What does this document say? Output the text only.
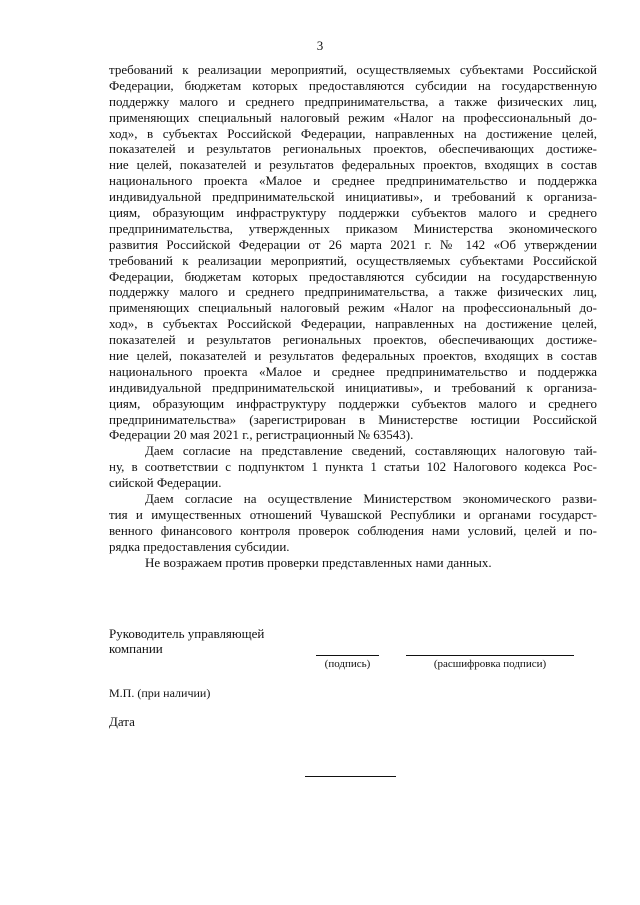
3
требований к реализации мероприятий, осуществляемых субъектами Российской
Федерации, бюджетам которых предоставляются субсидии на государственную
поддержку малого и среднего предпринимательства, а также физических лиц,
применяющих специальный налоговый режим «Налог на профессиональный до-
ход», в субъектах Российской Федерации, направленных на достижение целей,
показателей и результатов региональных проектов, обеспечивающих достиже-
ние целей, показателей и результатов федеральных проектов, входящих в состав
национального проекта «Малое и среднее предпринимательство и поддержка
индивидуальной предпринимательской инициативы», и требований к организа-
циям, образующим инфраструктуру поддержки субъектов малого и среднего
предпринимательства, утвержденных приказом Министерства экономического
развития Российской Федерации от 26 марта 2021 г. № 142 «Об утверждении
требований к реализации мероприятий, осуществляемых субъектами Российской
Федерации, бюджетам которых предоставляются субсидии на государственную
поддержку малого и среднего предпринимательства, а также физических лиц,
применяющих специальный налоговый режим «Налог на профессиональный до-
ход», в субъектах Российской Федерации, направленных на достижение целей,
показателей и результатов региональных проектов, обеспечивающих достиже-
ние целей, показателей и результатов федеральных проектов, входящих в состав
национального проекта «Малое и среднее предпринимательство и поддержка
индивидуальной предпринимательской инициативы», и требований к организа-
циям, образующим инфраструктуру поддержки субъектов малого и среднего
предпринимательства» (зарегистрирован в Министерстве юстиции Российской
Федерации 20 мая 2021 г., регистрационный № 63543).
Даем согласие на представление сведений, составляющих налоговую тай-
ну, в соответствии с подпунктом 1 пункта 1 статьи 102 Налогового кодекса Рос-
сийской Федерации.
Даем согласие на осуществление Министерством экономического разви-
тия и имущественных отношений Чувашской Республики и органами государст-
венного финансового контроля проверок соблюдения нами условий, целей и по-
рядка предоставления субсидии.
Не возражаем против проверки представленных нами данных.
Руководитель управляющей
компании
(подпись)	(расшифровка подписи)
М.П. (при наличии)
Дата
